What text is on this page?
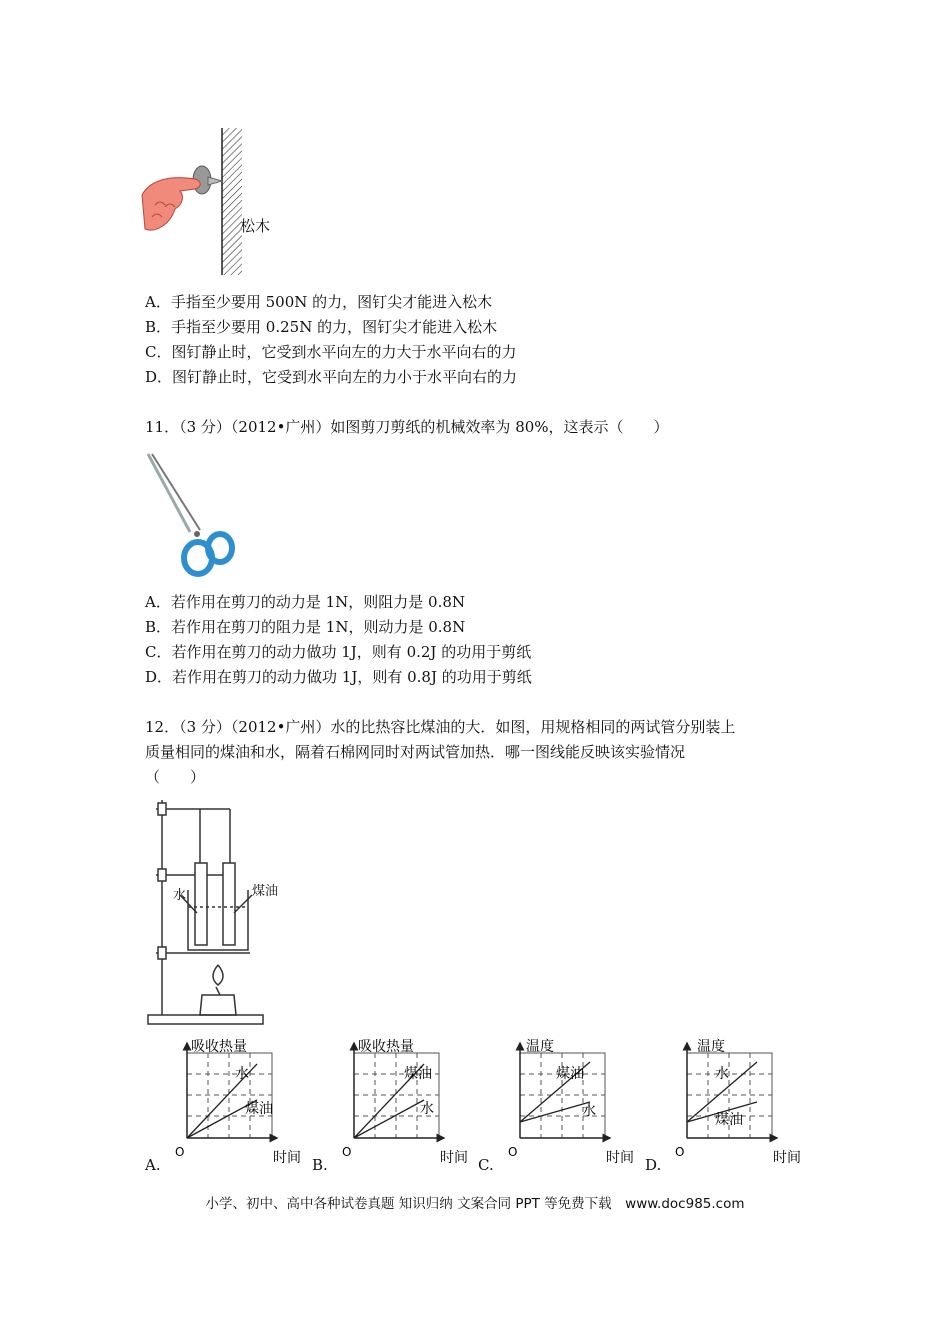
松木
A．手指至少要用 500N 的力，图钉尖才能进入松木
B．手指至少要用 0.25N 的力，图钉尖才能进入松木
C．图钉静止时，它受到水平向左的力大于水平向右的力
D．图钉静止时，它受到水平向左的力小于水平向右的力
11．（3 分）（2012•广州）如图剪刀剪纸的机械效率为 80%，这表示（　　）
A．若作用在剪刀的动力是 1N，则阻力是 0.8N
B．若作用在剪刀的阻力是 1N，则动力是 0.8N
C．若作用在剪刀的动力做功 1J，则有 0.2J 的功用于剪纸
D．若作用在剪刀的动力做功 1J，则有 0.8J 的功用于剪纸
12．（3 分）（2012•广州）水的比热容比煤油的大．如图，用规格相同的两试管分别装上
质量相同的煤油和水，隔着石棉网同时对两试管加热．哪一图线能反映该实验情况
（　　）
水	煤油
吸收热量
水
煤油
O	时间
A.
吸收热量
煤油
水
O	时间
B.
温度
煤油
水
O	时间
C.
温度
水
煤油
O	时间
D.
小学、初中、高中各种试卷真题 知识归纳 文案合同 PPT 等免费下载　www.doc985.com
